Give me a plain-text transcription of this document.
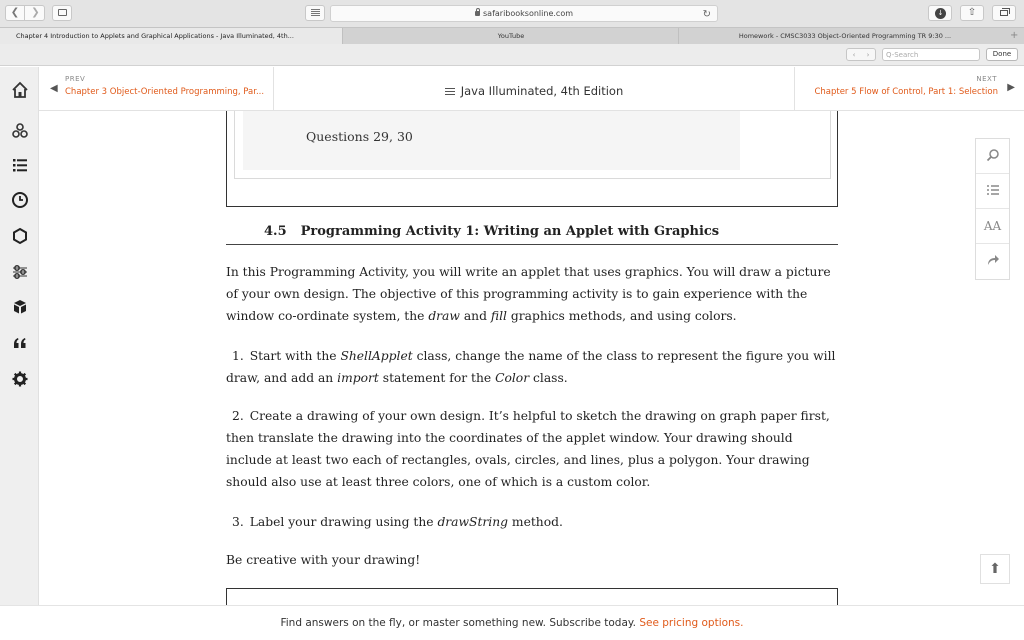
❮	❯	safaribooksonline.com	↻	↓	⇧
Chapter 4 Introduction to Applets and Graphical Applications - Java Illuminated, 4th...	YouTube	Homework - CMSC3033 Object-Oriented Programming TR 9:30 ...	+
‹ ›	Q-Search	Done
◀
PREV
Chapter 3 Object-Oriented Programming, Par...	Java Illuminated, 4th Edition
NEXT
Chapter 5 Flow of Control, Part 1: Selection ▶
AA
⬆
Questions 29, 30
4.5 Programming Activity 1: Writing an Applet with Graphics
In this Programming Activity, you will write an applet that uses graphics. You will draw a picture of your own design. The objective of this programming activity is to gain experience with the window co-ordinate system, the draw and fill graphics methods, and using colors.
1. Start with the ShellApplet class, change the name of the class to represent the figure you will draw, and add an import statement for the Color class.
2. Create a drawing of your own design. It’s helpful to sketch the drawing on graph paper first, then translate the drawing into the coordinates of the applet window. Your drawing should include at least two each of rectangles, ovals, circles, and lines, plus a polygon. Your drawing should also use at least three colors, one of which is a custom color.
3. Label your drawing using the drawString method.
Be creative with your drawing!
Find answers on the fly, or master something new. Subscribe today. See pricing options.
